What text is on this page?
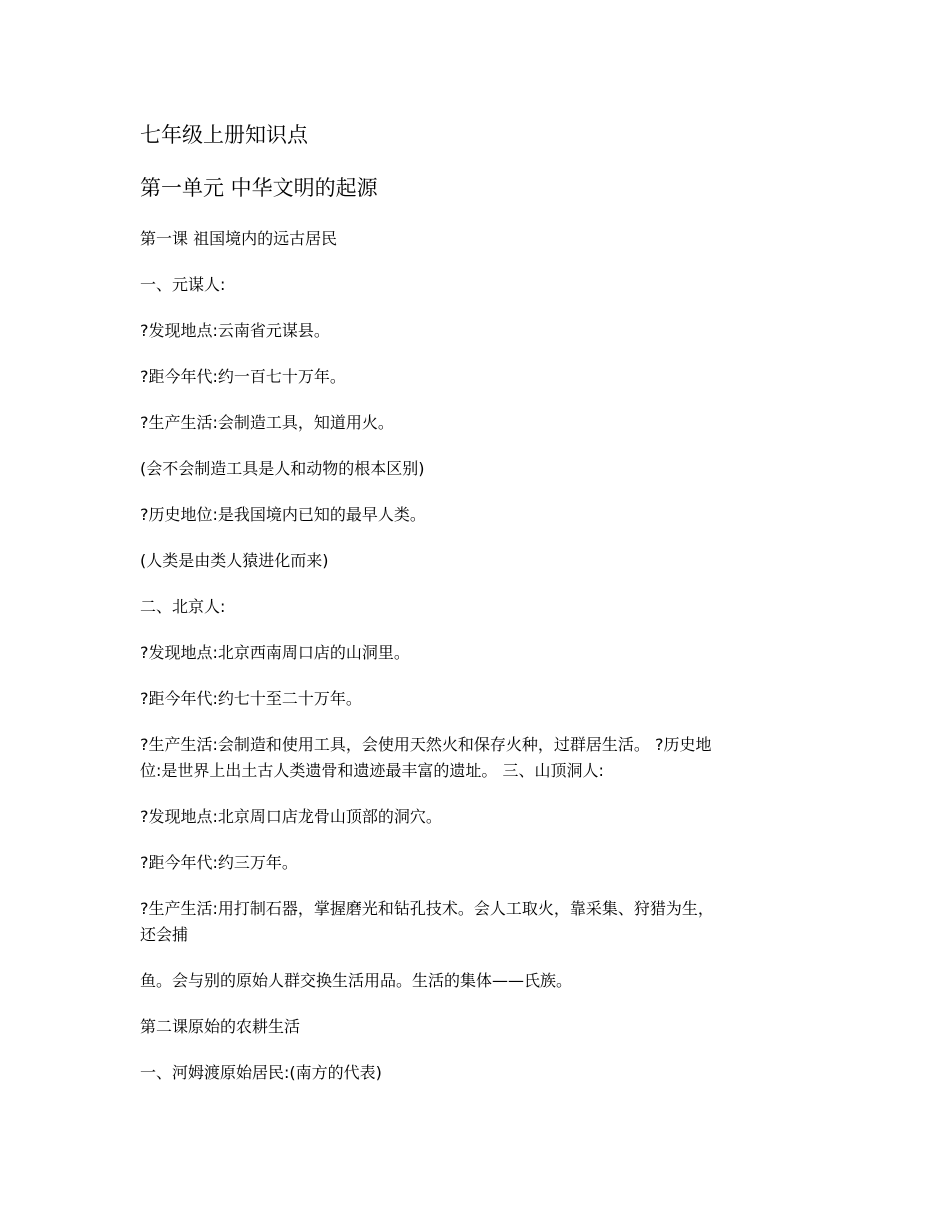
七年级上册知识点
第一单元 中华文明的起源
第一课 祖国境内的远古居民
一、元谋人:
?发现地点:云南省元谋县。
?距今年代:约一百七十万年。
?生产生活:会制造工具，知道用火。
(会不会制造工具是人和动物的根本区别)
?历史地位:是我国境内已知的最早人类。
(人类是由类人猿进化而来)
二、北京人:
?发现地点:北京西南周口店的山洞里。
?距今年代:约七十至二十万年。
?生产生活:会制造和使用工具，会使用天然火和保存火种，过群居生活。 ?历史地
位:是世界上出土古人类遗骨和遗迹最丰富的遗址。 三、山顶洞人:
?发现地点:北京周口店龙骨山顶部的洞穴。
?距今年代:约三万年。
?生产生活:用打制石器，掌握磨光和钻孔技术。会人工取火，靠采集、狩猎为生，
还会捕
鱼。会与别的原始人群交换生活用品。生活的集体——氏族。
第二课原始的农耕生活
一、河姆渡原始居民:(南方的代表)
